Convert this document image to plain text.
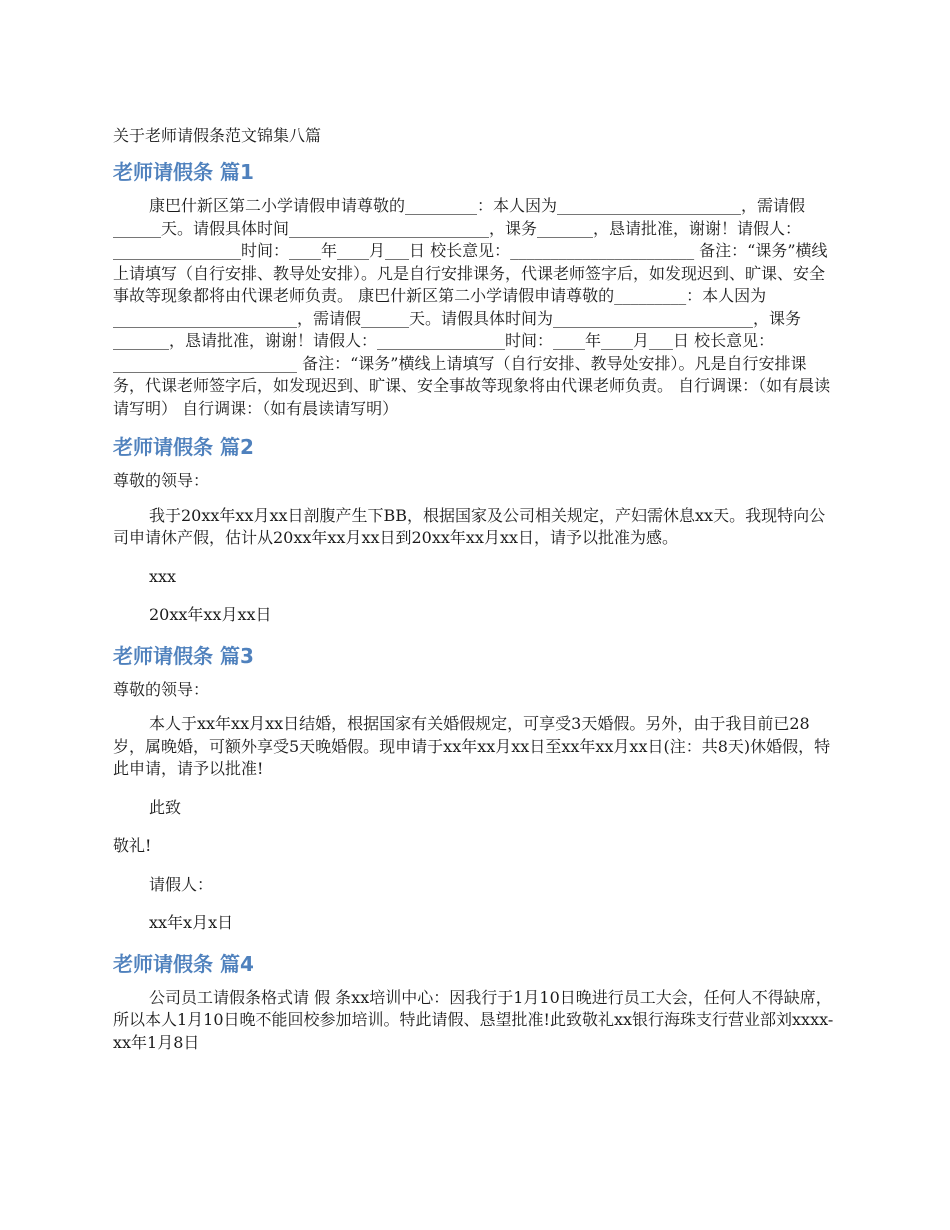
关于老师请假条范文锦集八篇

老师请假条 篇1

康巴什新区第二小学请假申请尊敬的_________：本人因为_______________________，需请假______天。请假具体时间_________________________，课务_______，恳请批准，谢谢！请假人：________________时间：____年____月___日 校长意见：_______________________ 备注：“课务”横线上请填写（自行安排、教导处安排）。凡是自行安排课务，代课老师签字后，如发现迟到、旷课、安全事故等现象都将由代课老师负责。 康巴什新区第二小学请假申请尊敬的_________：本人因为_______________________，需请假______天。请假具体时间为_________________________，课务_______，恳请批准，谢谢！请假人：________________时间：____年____月___日 校长意见：_______________________ 备注：“课务”横线上请填写（自行安排、教导处安排）。凡是自行安排课务，代课老师签字后，如发现迟到、旷课、安全事故等现象将由代课老师负责。 自行调课：（如有晨读请写明） 自行调课：（如有晨读请写明）

老师请假条 篇2

尊敬的领导：

我于20xx年xx月xx日剖腹产生下BB，根据国家及公司相关规定，产妇需休息xx天。我现特向公司申请休产假，估计从20xx年xx月xx日到20xx年xx月xx日，请予以批准为感。

xxx

20xx年xx月xx日

老师请假条 篇3

尊敬的领导：

本人于xx年xx月xx日结婚，根据国家有关婚假规定，可享受3天婚假。另外，由于我目前已28岁，属晚婚，可额外享受5天晚婚假。现申请于xx年xx月xx日至xx年xx月xx日(注：共8天)休婚假，特此申请，请予以批准!

此致

敬礼!

请假人：

xx年x月x日

老师请假条 篇4

公司员工请假条格式请 假 条xx培训中心：因我行于1月10日晚进行员工大会，任何人不得缺席，所以本人1月10日晚不能回校参加培训。特此请假、恳望批准!此致敬礼xx银行海珠支行营业部刘xxxx-xx年1月8日
